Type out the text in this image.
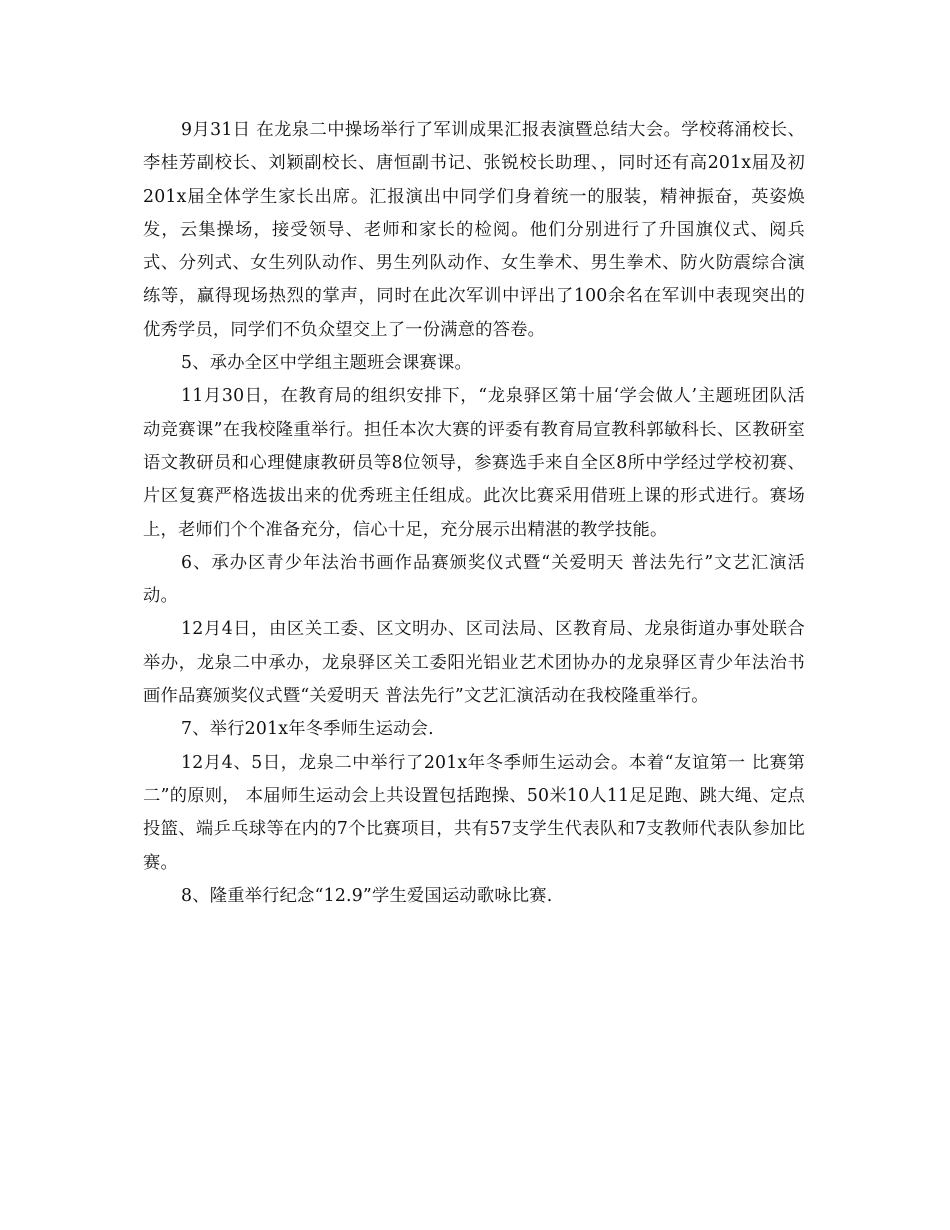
9月31日 在龙泉二中操场举行了军训成果汇报表演暨总结大会。学校蒋涌校长、李桂芳副校长、刘颖副校长、唐恒副书记、张锐校长助理、，同时还有高201x届及初201x届全体学生家长出席。汇报演出中同学们身着统一的服装，精神振奋，英姿焕发，云集操场，接受领导、老师和家长的检阅。他们分别进行了升国旗仪式、阅兵式、分列式、女生列队动作、男生列队动作、女生拳术、男生拳术、防火防震综合演练等，赢得现场热烈的掌声，同时在此次军训中评出了100余名在军训中表现突出的优秀学员，同学们不负众望交上了一份满意的答卷。

5、承办全区中学组主题班会课赛课。

11月30日，在教育局的组织安排下，“龙泉驿区第十届‘学会做人’主题班团队活动竞赛课”在我校隆重举行。担任本次大赛的评委有教育局宣教科郭敏科长、区教研室语文教研员和心理健康教研员等8位领导，参赛选手来自全区8所中学经过学校初赛、片区复赛严格选拔出来的优秀班主任组成。此次比赛采用借班上课的形式进行。赛场上，老师们个个准备充分，信心十足，充分展示出精湛的教学技能。

6、承办区青少年法治书画作品赛颁奖仪式暨“关爱明天 普法先行”文艺汇演活动。

12月4日，由区关工委、区文明办、区司法局、区教育局、龙泉街道办事处联合举办，龙泉二中承办，龙泉驿区关工委阳光铝业艺术团协办的龙泉驿区青少年法治书画作品赛颁奖仪式暨“关爱明天 普法先行”文艺汇演活动在我校隆重举行。

7、举行201x年冬季师生运动会.

12月4、5日，龙泉二中举行了201x年冬季师生运动会。本着“友谊第一 比赛第二”的原则， 本届师生运动会上共设置包括跑操、50米10人11足足跑、跳大绳、定点投篮、端乒乓球等在内的7个比赛项目，共有57支学生代表队和7支教师代表队参加比赛。

8、隆重举行纪念“12.9”学生爱国运动歌咏比赛.
